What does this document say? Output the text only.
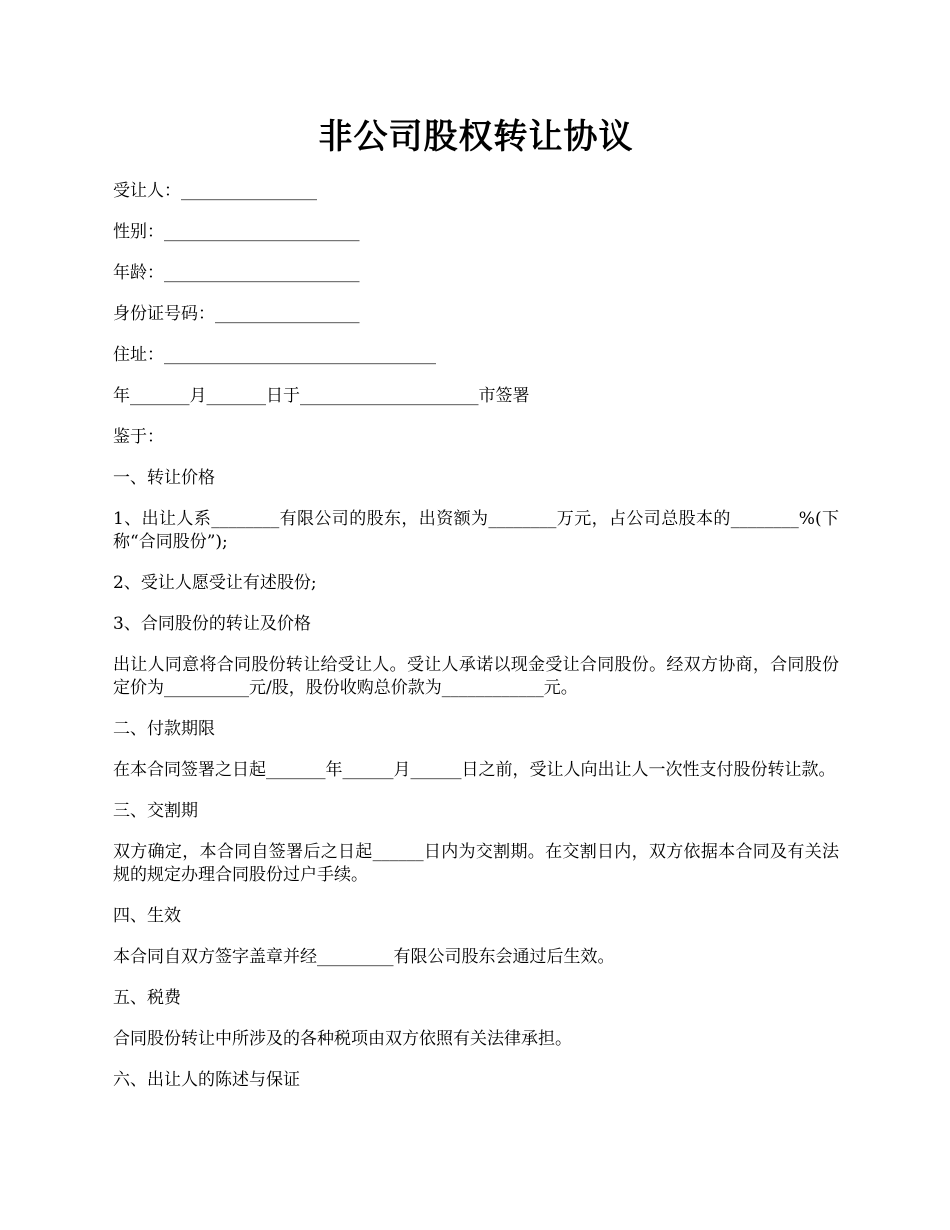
非公司股权转让协议

受让人：________________

性别：_______________________

年龄：_______________________

身份证号码：_________________

住址：________________________________

年_______月_______日于_____________________市签署

鉴于：

一、转让价格

1、出让人系________有限公司的股东，出资额为________万元，占公司总股本的________%(下称“合同股份”);

2、受让人愿受让有述股份;

3、合同股份的转让及价格

出让人同意将合同股份转让给受让人。受让人承诺以现金受让合同股份。经双方协商，合同股份定价为__________元/股，股份收购总价款为____________元。

二、付款期限

在本合同签署之日起_______年______月______日之前，受让人向出让人一次性支付股份转让款。

三、交割期

双方确定，本合同自签署后之日起______日内为交割期。在交割日内，双方依据本合同及有关法规的规定办理合同股份过户手续。

四、生效

本合同自双方签字盖章并经_________有限公司股东会通过后生效。

五、税费

合同股份转让中所涉及的各种税项由双方依照有关法律承担。

六、出让人的陈述与保证
